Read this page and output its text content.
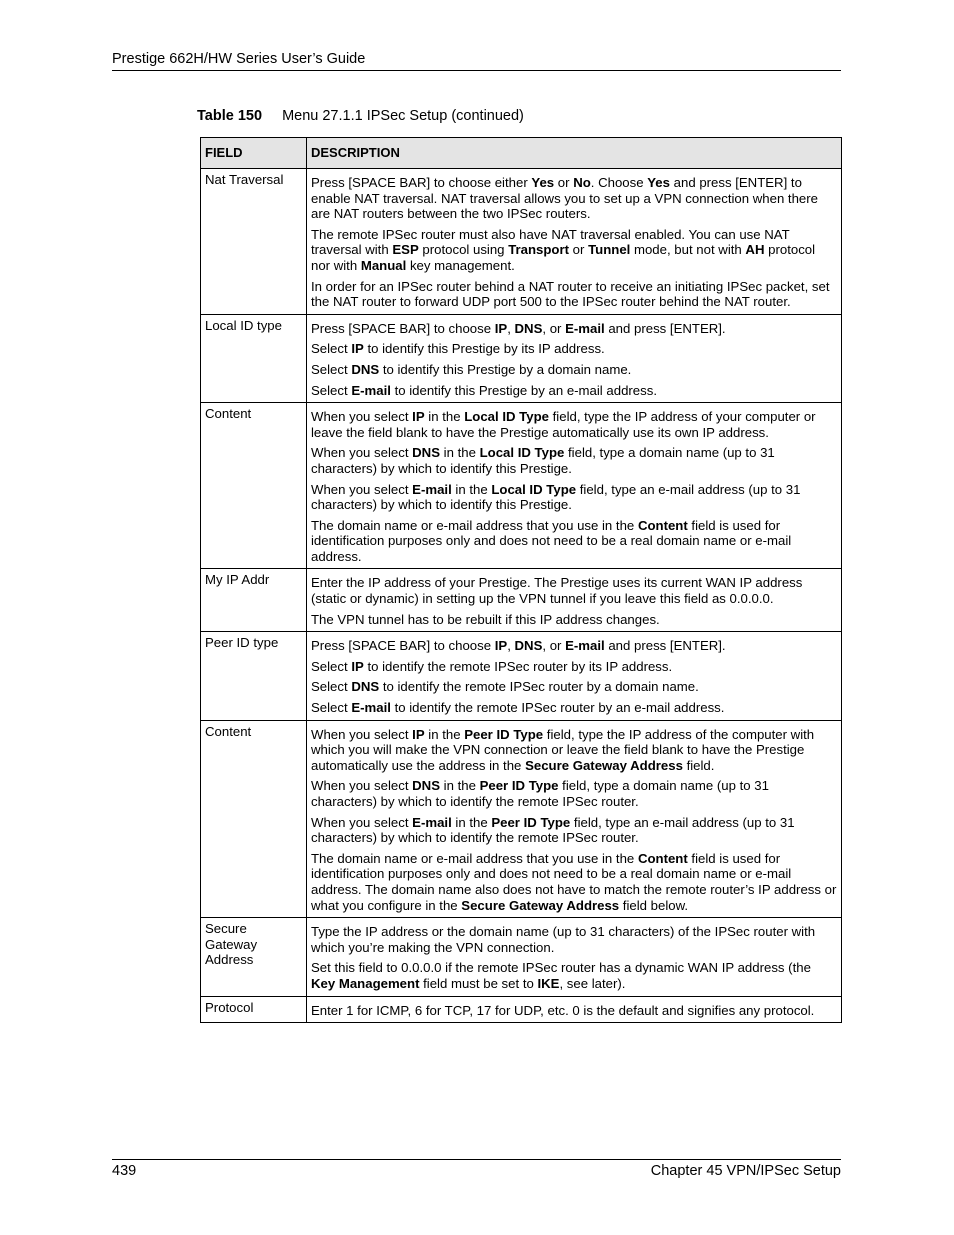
Prestige 662H/HW Series User’s Guide
Table 150 Menu 27.1.1 IPSec Setup (continued)
FIELD	DESCRIPTION
Nat Traversal	Press [SPACE BAR] to choose either Yes or No. Choose Yes and press [ENTER] to enable NAT traversal. NAT traversal allows you to set up a VPN connection when there are NAT routers between the two IPSec routers.

The remote IPSec router must also have NAT traversal enabled. You can use NAT traversal with ESP protocol using Transport or Tunnel mode, but not with AH protocol nor with Manual key management.

In order for an IPSec router behind a NAT router to receive an initiating IPSec packet, set the NAT router to forward UDP port 500 to the IPSec router behind the NAT router.

Local ID type	Press [SPACE BAR] to choose IP, DNS, or E-mail and press [ENTER].

Select IP to identify this Prestige by its IP address.

Select DNS to identify this Prestige by a domain name.

Select E-mail to identify this Prestige by an e-mail address.

Content	When you select IP in the Local ID Type field, type the IP address of your computer or leave the field blank to have the Prestige automatically use its own IP address.

When you select DNS in the Local ID Type field, type a domain name (up to 31 characters) by which to identify this Prestige.

When you select E-mail in the Local ID Type field, type an e-mail address (up to 31 characters) by which to identify this Prestige.

The domain name or e-mail address that you use in the Content field is used for identification purposes only and does not need to be a real domain name or e-mail address.

My IP Addr	Enter the IP address of your Prestige. The Prestige uses its current WAN IP address (static or dynamic) in setting up the VPN tunnel if you leave this field as 0.0.0.0.

The VPN tunnel has to be rebuilt if this IP address changes.

Peer ID type	Press [SPACE BAR] to choose IP, DNS, or E-mail and press [ENTER].

Select IP to identify the remote IPSec router by its IP address.

Select DNS to identify the remote IPSec router by a domain name.

Select E-mail to identify the remote IPSec router by an e-mail address.

Content	When you select IP in the Peer ID Type field, type the IP address of the computer with which you will make the VPN connection or leave the field blank to have the Prestige automatically use the address in the Secure Gateway Address field.

When you select DNS in the Peer ID Type field, type a domain name (up to 31 characters) by which to identify the remote IPSec router.

When you select E-mail in the Peer ID Type field, type an e-mail address (up to 31 characters) by which to identify the remote IPSec router.

The domain name or e-mail address that you use in the Content field is used for identification purposes only and does not need to be a real domain name or e-mail address. The domain name also does not have to match the remote router’s IP address or what you configure in the Secure Gateway Address field below.

Secure Gateway Address	Type the IP address or the domain name (up to 31 characters) of the IPSec router with which you’re making the VPN connection.

Set this field to 0.0.0.0 if the remote IPSec router has a dynamic WAN IP address (the Key Management field must be set to IKE, see later).

Protocol	Enter 1 for ICMP, 6 for TCP, 17 for UDP, etc. 0 is the default and signifies any protocol.

439	Chapter 45 VPN/IPSec Setup
